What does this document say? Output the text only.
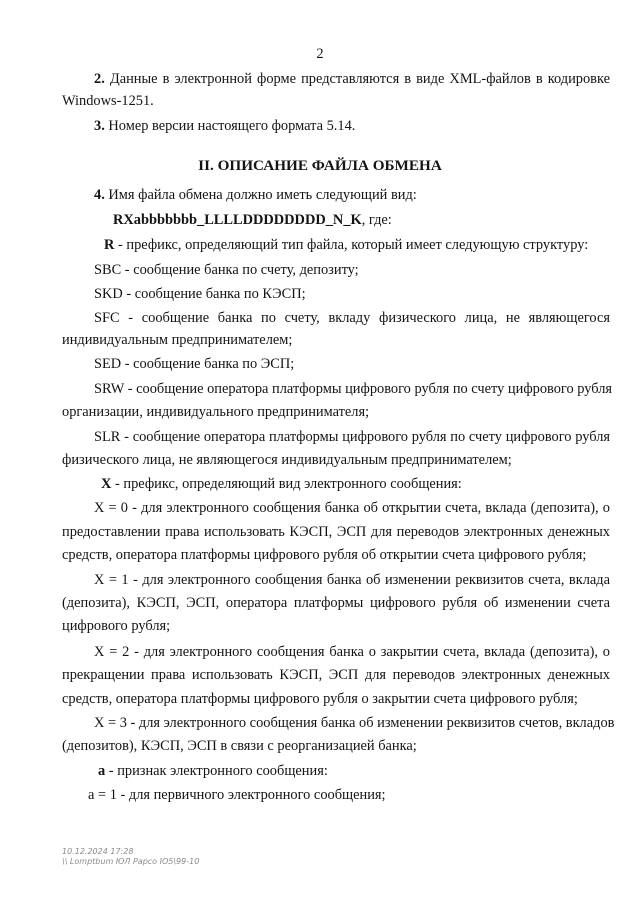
2
2. Данные в электронной форме представляются в виде XML-файлов в кодировке
Windows-1251.
3. Номер версии настоящего формата 5.14.
II. ОПИСАНИЕ ФАЙЛА ОБМЕНА
4. Имя файла обмена должно иметь следующий вид:
RXabbbbbbb_LLLLDDDDDDDD_N_K, где:
R - префикс, определяющий тип файла, который имеет следующую структуру:
SBC - сообщение банка по счету, депозиту;
SKD - сообщение банка по КЭСП;
SFC - сообщение банка по счету, вкладу физического лица, не являющегося
индивидуальным предпринимателем;
SED - сообщение банка по ЭСП;
SRW - сообщение оператора платформы цифрового рубля по счету цифрового рубля
организации, индивидуального предпринимателя;
SLR - сообщение оператора платформы цифрового рубля по счету цифрового рубля
физического лица, не являющегося индивидуальным предпринимателем;
X - префикс, определяющий вид электронного сообщения:
X = 0 - для электронного сообщения банка об открытии счета, вклада (депозита), о
предоставлении права использовать КЭСП, ЭСП для переводов электронных денежных
средств, оператора платформы цифрового рубля об открытии счета цифрового рубля;
X = 1 - для электронного сообщения банка об изменении реквизитов счета, вклада
(депозита), КЭСП, ЭСП, оператора платформы цифрового рубля об изменении счета
цифрового рубля;
X = 2 - для электронного сообщения банка о закрытии счета, вклада (депозита), о
прекращении права использовать КЭСП, ЭСП для переводов электронных денежных
средств, оператора платформы цифрового рубля о закрытии счета цифрового рубля;
X = 3 - для электронного сообщения банка об изменении реквизитов счетов, вкладов
(депозитов), КЭСП, ЭСП в связи с реорганизацией банка;
a - признак электронного сообщения:
a = 1 - для первичного электронного сообщения;
10.12.2024 17:28
\\ Lomptbum ЮЛ Papco IO5\99-10
